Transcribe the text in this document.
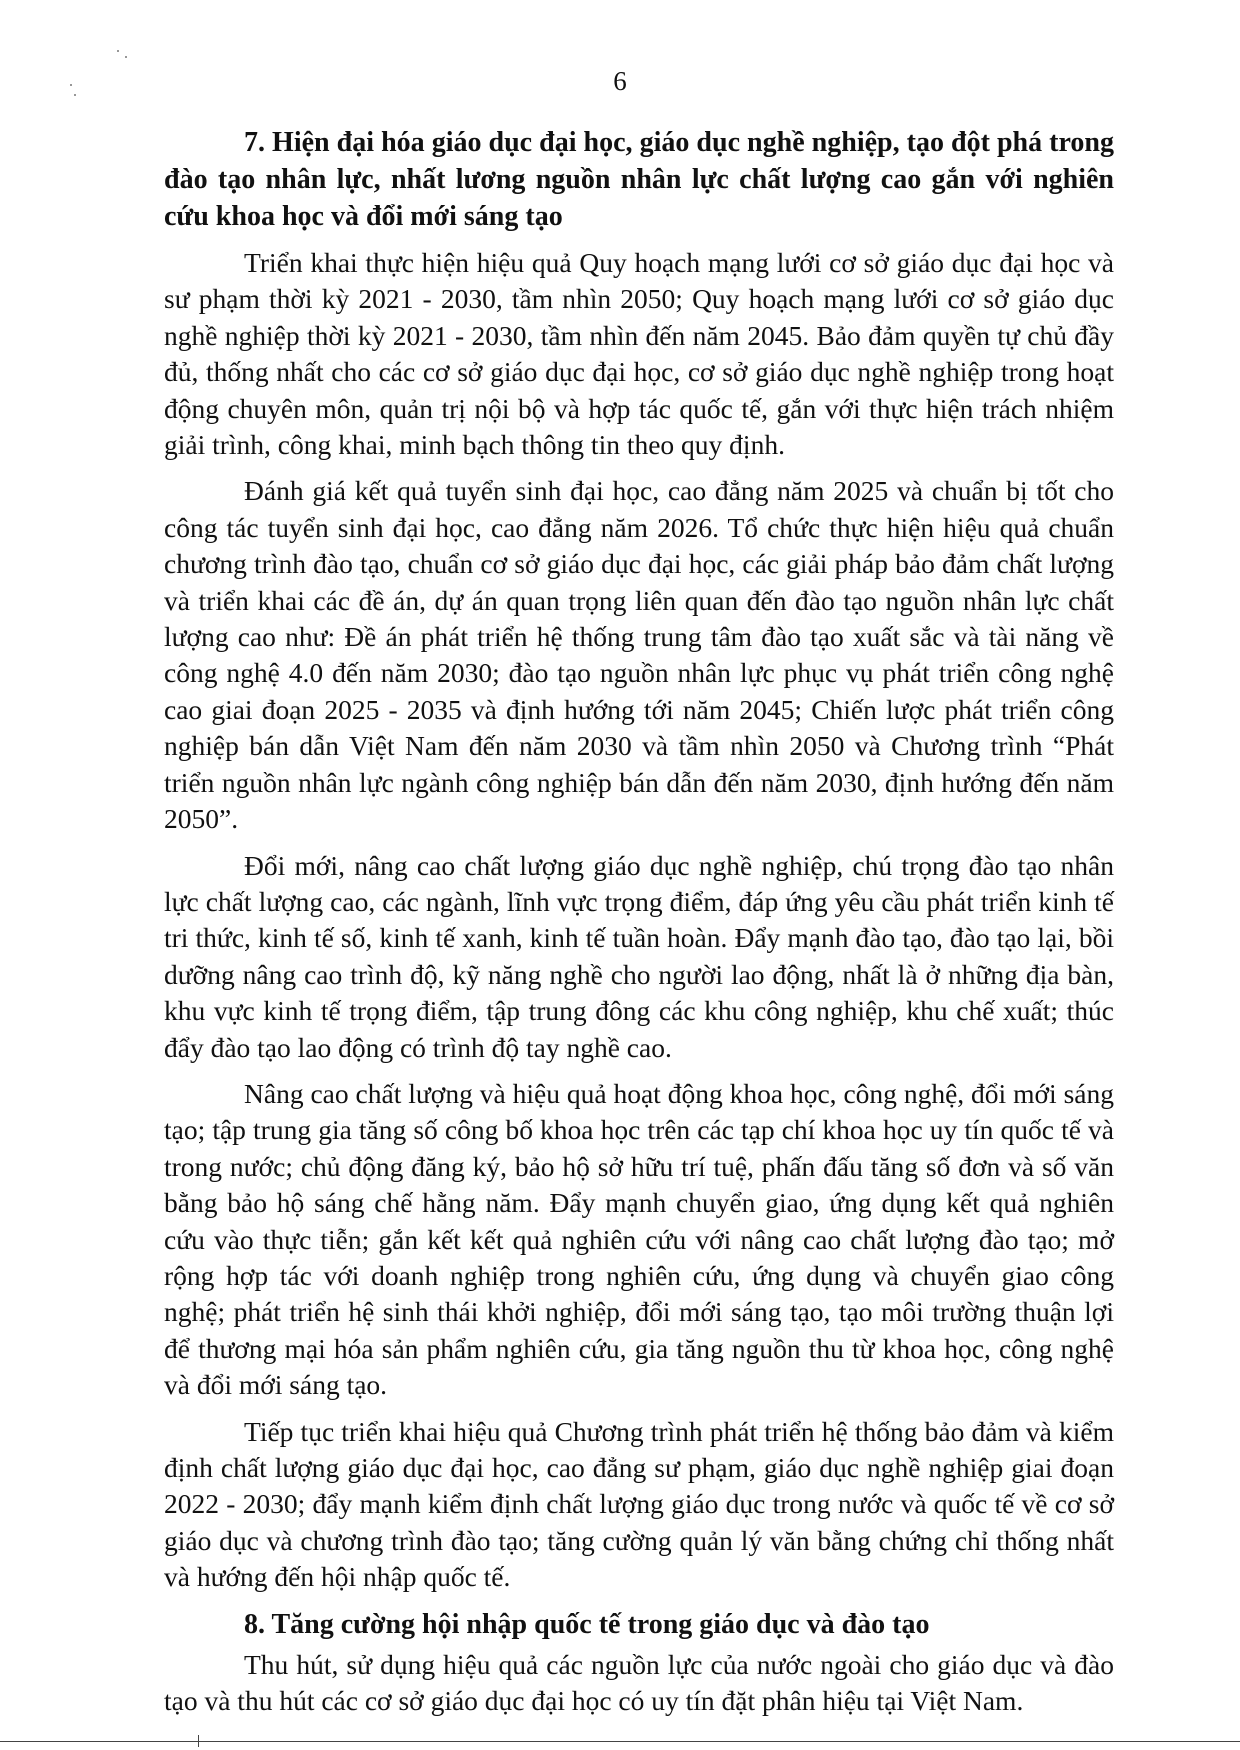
6
7. Hiện đại hóa giáo dục đại học, giáo dục nghề nghiệp, tạo đột phá trong đào tạo nhân lực, nhất lương nguồn nhân lực chất lượng cao gắn với nghiên cứu khoa học và đổi mới sáng tạo

Triển khai thực hiện hiệu quả Quy hoạch mạng lưới cơ sở giáo dục đại học và sư phạm thời kỳ 2021 - 2030, tầm nhìn 2050; Quy hoạch mạng lưới cơ sở giáo dục nghề nghiệp thời kỳ 2021 - 2030, tầm nhìn đến năm 2045. Bảo đảm quyền tự chủ đầy đủ, thống nhất cho các cơ sở giáo dục đại học, cơ sở giáo dục nghề nghiệp trong hoạt động chuyên môn, quản trị nội bộ và hợp tác quốc tế, gắn với thực hiện trách nhiệm giải trình, công khai, minh bạch thông tin theo quy định.

Đánh giá kết quả tuyển sinh đại học, cao đẳng năm 2025 và chuẩn bị tốt cho công tác tuyển sinh đại học, cao đẳng năm 2026. Tổ chức thực hiện hiệu quả chuẩn chương trình đào tạo, chuẩn cơ sở giáo dục đại học, các giải pháp bảo đảm chất lượng và triển khai các đề án, dự án quan trọng liên quan đến đào tạo nguồn nhân lực chất lượng cao như: Đề án phát triển hệ thống trung tâm đào tạo xuất sắc và tài năng về công nghệ 4.0 đến năm 2030; đào tạo nguồn nhân lực phục vụ phát triển công nghệ cao giai đoạn 2025 - 2035 và định hướng tới năm 2045; Chiến lược phát triển công nghiệp bán dẫn Việt Nam đến năm 2030 và tầm nhìn 2050 và Chương trình “Phát triển nguồn nhân lực ngành công nghiệp bán dẫn đến năm 2030, định hướng đến năm 2050”.

Đổi mới, nâng cao chất lượng giáo dục nghề nghiệp, chú trọng đào tạo nhân lực chất lượng cao, các ngành, lĩnh vực trọng điểm, đáp ứng yêu cầu phát triển kinh tế tri thức, kinh tế số, kinh tế xanh, kinh tế tuần hoàn. Đẩy mạnh đào tạo, đào tạo lại, bồi dưỡng nâng cao trình độ, kỹ năng nghề cho người lao động, nhất là ở những địa bàn, khu vực kinh tế trọng điểm, tập trung đông các khu công nghiệp, khu chế xuất; thúc đẩy đào tạo lao động có trình độ tay nghề cao.

Nâng cao chất lượng và hiệu quả hoạt động khoa học, công nghệ, đổi mới sáng tạo; tập trung gia tăng số công bố khoa học trên các tạp chí khoa học uy tín quốc tế và trong nước; chủ động đăng ký, bảo hộ sở hữu trí tuệ, phấn đấu tăng số đơn và số văn bằng bảo hộ sáng chế hằng năm. Đẩy mạnh chuyển giao, ứng dụng kết quả nghiên cứu vào thực tiễn; gắn kết kết quả nghiên cứu với nâng cao chất lượng đào tạo; mở rộng hợp tác với doanh nghiệp trong nghiên cứu, ứng dụng và chuyển giao công nghệ; phát triển hệ sinh thái khởi nghiệp, đổi mới sáng tạo, tạo môi trường thuận lợi để thương mại hóa sản phẩm nghiên cứu, gia tăng nguồn thu từ khoa học, công nghệ và đổi mới sáng tạo.

Tiếp tục triển khai hiệu quả Chương trình phát triển hệ thống bảo đảm và kiểm định chất lượng giáo dục đại học, cao đẳng sư phạm, giáo dục nghề nghiệp giai đoạn 2022 - 2030; đẩy mạnh kiểm định chất lượng giáo dục trong nước và quốc tế về cơ sở giáo dục và chương trình đào tạo; tăng cường quản lý văn bằng chứng chỉ thống nhất và hướng đến hội nhập quốc tế.

8. Tăng cường hội nhập quốc tế trong giáo dục và đào tạo

Thu hút, sử dụng hiệu quả các nguồn lực của nước ngoài cho giáo dục và đào tạo và thu hút các cơ sở giáo dục đại học có uy tín đặt phân hiệu tại Việt Nam.
